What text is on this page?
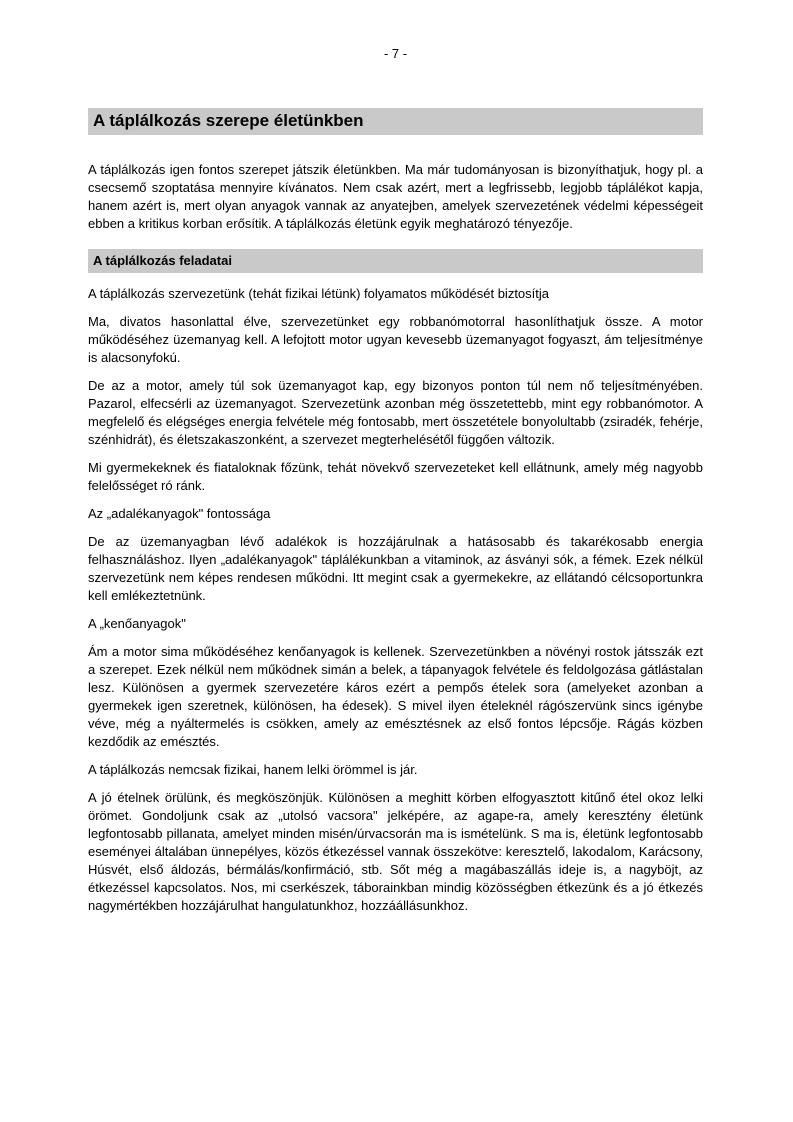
- 7 -
A táplálkozás szerepe életünkben

A táplálkozás igen fontos szerepet játszik életünkben. Ma már tudományosan is bizonyíthatjuk, hogy pl. a csecsemő szoptatása mennyire kívánatos. Nem csak azért, mert a legfrissebb, legjobb táplálékot kapja, hanem azért is, mert olyan anyagok vannak az anyatejben, amelyek szervezetének védelmi képességeit ebben a kritikus korban erősítik. A táplálkozás életünk egyik meghatározó tényezője.

A táplálkozás feladatai

A táplálkozás szervezetünk (tehát fizikai létünk) folyamatos működését biztosítja

Ma, divatos hasonlattal élve, szervezetünket egy robbanómotorral hasonlíthatjuk össze. A motor működéséhez üzemanyag kell. A lefojtott motor ugyan kevesebb üzemanyagot fogyaszt, ám teljesítménye is alacsonyfokú.

De az a motor, amely túl sok üzemanyagot kap, egy bizonyos ponton túl nem nő teljesítményében. Pazarol, elfecsérli az üzemanyagot. Szervezetünk azonban még összetettebb, mint egy robbanómotor. A megfelelő és elégséges energia felvétele még fontosabb, mert összetétele bonyolultabb (zsiradék, fehérje, szénhidrát), és életszakaszonként, a szervezet megterhelésétől függően változik.

Mi gyermekeknek és fiataloknak főzünk, tehát növekvő szervezeteket kell ellátnunk, amely még nagyobb felelősséget ró ránk.

Az „adalékanyagok" fontossága

De az üzemanyagban lévő adalékok is hozzájárulnak a hatásosabb és takarékosabb energia felhasználáshoz. Ilyen „adalékanyagok" táplálékunkban a vitaminok, az ásványi sók, a fémek. Ezek nélkül szervezetünk nem képes rendesen működni. Itt megint csak a gyermekekre, az ellátandó célcsoportunkra kell emlékeztetnünk.

A „kenőanyagok"

Ám a motor sima működéséhez kenőanyagok is kellenek. Szervezetünkben a növényi rostok játsszák ezt a szerepet. Ezek nélkül nem működnek simán a belek, a tápanyagok felvétele és feldolgozása gátlástalan lesz. Különösen a gyermek szervezetére káros ezért a pempős ételek sora (amelyeket azonban a gyermekek igen szeretnek, különösen, ha édesek). S mivel ilyen ételeknél rágószervünk sincs igénybe véve, még a nyáltermelés is csökken, amely az emésztésnek az első fontos lépcsője. Rágás közben kezdődik az emésztés.

A táplálkozás nemcsak fizikai, hanem lelki örömmel is jár.

A jó ételnek örülünk, és megköszönjük. Különösen a meghitt körben elfogyasztott kitűnő étel okoz lelki örömet. Gondoljunk csak az „utolsó vacsora" jelképére, az agape-ra, amely keresztény életünk legfontosabb pillanata, amelyet minden misén/úrvacsorán ma is ismételünk. S ma is, életünk legfontosabb eseményei általában ünnepélyes, közös étkezéssel vannak összekötve: keresztelő, lakodalom, Karácsony, Húsvét, első áldozás, bérmálás/konfirmáció, stb. Sőt még a magábaszállás ideje is, a nagyböjt, az étkezéssel kapcsolatos. Nos, mi cserkészek, táborainkban mindig közösségben étkezünk és a jó étkezés nagymértékben hozzájárulhat hangulatunkhoz, hozzáállásunkhoz.
